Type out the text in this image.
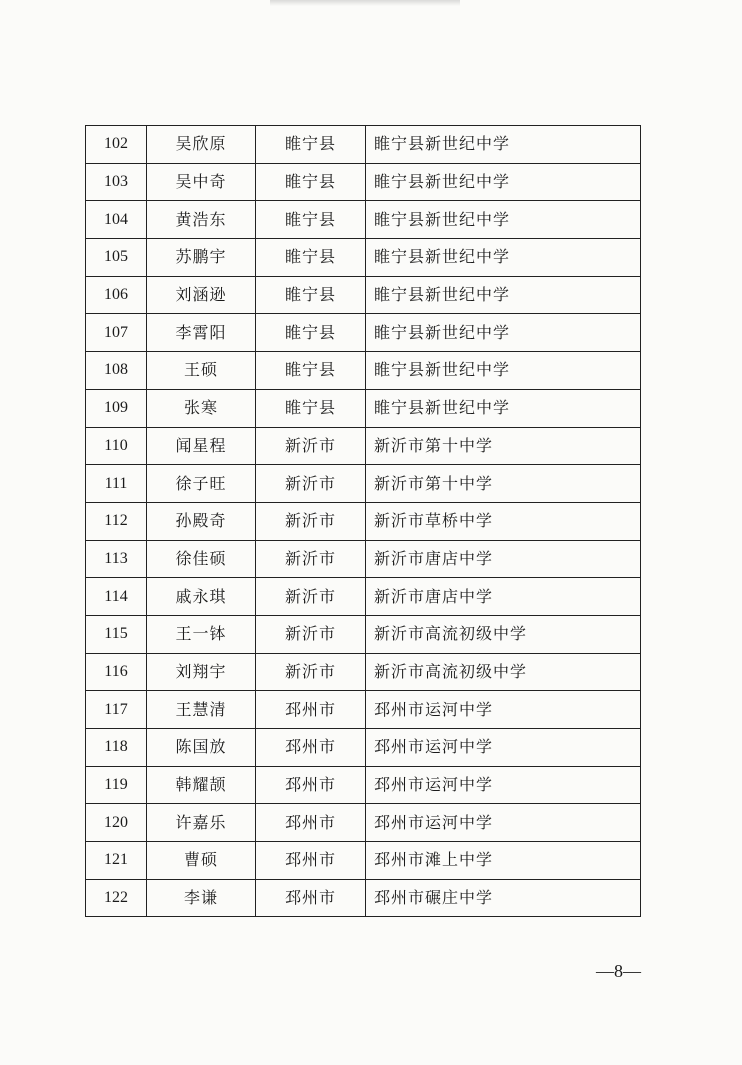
102	吴欣原	睢宁县	睢宁县新世纪中学
103	吴中奇	睢宁县	睢宁县新世纪中学
104	黄浩东	睢宁县	睢宁县新世纪中学
105	苏鹏宇	睢宁县	睢宁县新世纪中学
106	刘涵逊	睢宁县	睢宁县新世纪中学
107	李霄阳	睢宁县	睢宁县新世纪中学
108	王硕	睢宁县	睢宁县新世纪中学
109	张寒	睢宁县	睢宁县新世纪中学
110	闻星程	新沂市	新沂市第十中学
111	徐子旺	新沂市	新沂市第十中学
112	孙殿奇	新沂市	新沂市草桥中学
113	徐佳硕	新沂市	新沂市唐店中学
114	戚永琪	新沂市	新沂市唐店中学
115	王一钵	新沂市	新沂市高流初级中学
116	刘翔宇	新沂市	新沂市高流初级中学
117	王慧清	邳州市	邳州市运河中学
118	陈国放	邳州市	邳州市运河中学
119	韩耀颉	邳州市	邳州市运河中学
120	许嘉乐	邳州市	邳州市运河中学
121	曹硕	邳州市	邳州市滩上中学
122	李谦	邳州市	邳州市碾庄中学
—8—
